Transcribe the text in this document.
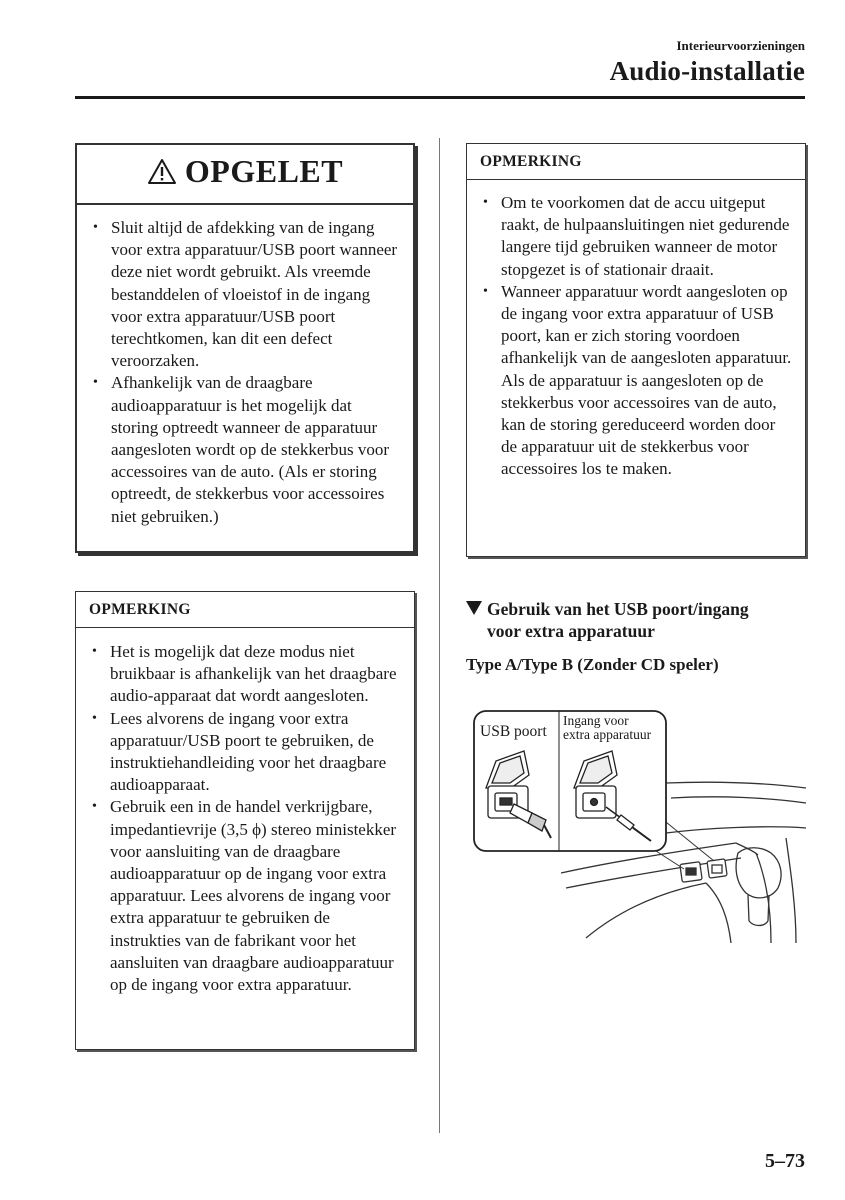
Interieurvoorzieningen
Audio-installatie
OPGELET
• Sluit altijd de afdekking van de ingang voor extra apparatuur/USB poort wanneer deze niet wordt gebruikt. Als vreemde bestanddelen of vloeistof in de ingang voor extra apparatuur/USB poort terechtkomen, kan dit een defect veroorzaken.
• Afhankelijk van de draagbare audioapparatuur is het mogelijk dat storing optreedt wanneer de apparatuur aangesloten wordt op de stekkerbus voor accessoires van de auto. (Als er storing optreedt, de stekkerbus voor accessoires niet gebruiken.)
OPMERKING
• Het is mogelijk dat deze modus niet bruikbaar is afhankelijk van het draagbare audio-apparaat dat wordt aangesloten.
• Lees alvorens de ingang voor extra apparatuur/USB poort te gebruiken, de instruktiehandleiding voor het draagbare audioapparaat.
• Gebruik een in de handel verkrijgbare, impedantievrije (3,5 ϕ) stereo ministekker voor aansluiting van de draagbare audioapparatuur op de ingang voor extra apparatuur. Lees alvorens de ingang voor extra apparatuur te gebruiken de instrukties van de fabrikant voor het aansluiten van draagbare audioapparatuur op de ingang voor extra apparatuur.
OPMERKING
• Om te voorkomen dat de accu uitgeput raakt, de hulpaansluitingen niet gedurende langere tijd gebruiken wanneer de motor stopgezet is of stationair draait.
• Wanneer apparatuur wordt aangesloten op de ingang voor extra apparatuur of USB poort, kan er zich storing voordoen afhankelijk van de aangesloten apparatuur. Als de apparatuur is aangesloten op de stekkerbus voor accessoires van de auto, kan de storing gereduceerd worden door de apparatuur uit de stekkerbus voor accessoires los te maken.
Gebruik van het USB poort/ingang
voor extra apparatuur
Type A/Type B (Zonder CD speler)
USB poort
Ingang voor
extra apparatuur
5–73
